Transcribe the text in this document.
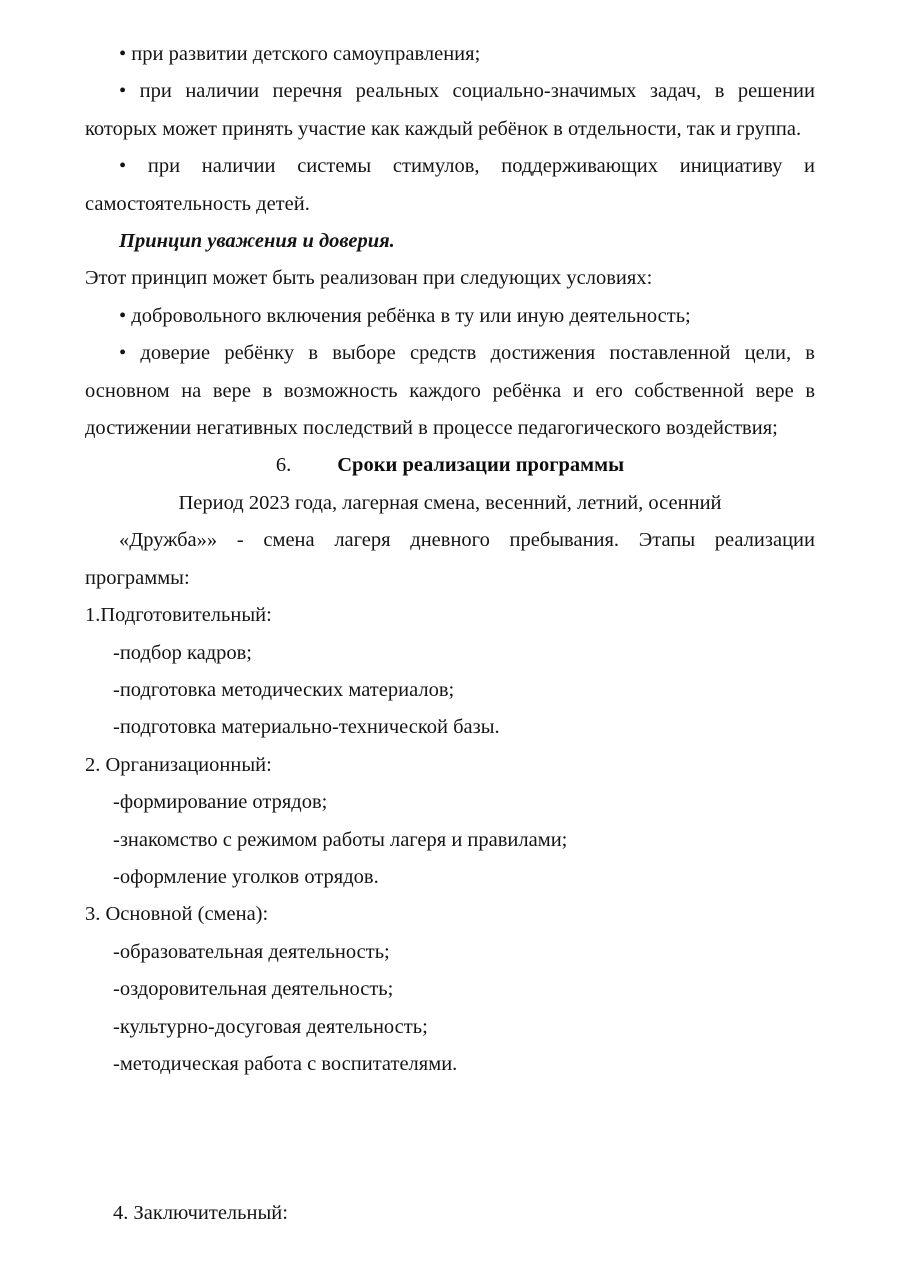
• при развитии детского самоуправления;

• при наличии перечня реальных социально-значимых задач, в решении которых может принять участие как каждый ребёнок в отдельности, так и группа.

• при наличии системы стимулов, поддерживающих инициативу и самостоятельность детей.

Принцип уважения и доверия.

Этот принцип может быть реализован при следующих условиях:

• добровольного включения ребёнка в ту или иную деятельность;

• доверие ребёнку в выборе средств достижения поставленной цели, в основном на вере в возможность каждого ребёнка и его собственной вере в достижении негативных последствий в процессе педагогического воздействия;

6. Сроки реализации программы

Период 2023 года, лагерная смена, весенний, летний, осенний

«Дружба»» - смена лагеря дневного пребывания. Этапы реализации программы:

1.Подготовительный:

-подбор кадров;

-подготовка методических материалов;

-подготовка материально-технической базы.

2. Организационный:

-формирование отрядов;

-знакомство с режимом работы лагеря и правилами;

-оформление уголков отрядов.

3. Основной (смена):

-образовательная деятельность;

-оздоровительная деятельность;

-культурно-досуговая деятельность;

-методическая работа с воспитателями.

4. Заключительный:
